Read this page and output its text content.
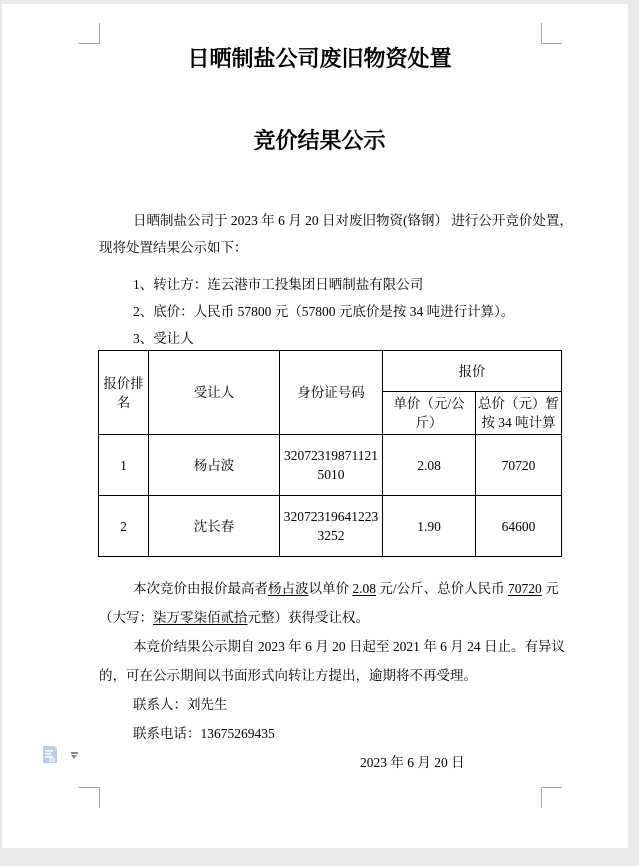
日晒制盐公司废旧物资处置
竞价结果公示
日晒制盐公司于 2023 年 6 月 20 日对废旧物资(铬钢） 进行公开竞价处置，
现将处置结果公示如下：
1、转让方：连云港市工投集团日晒制盐有限公司
2、底价：人民币 57800 元（57800 元底价是按 34 吨进行计算）。
3、受让人
报价排名	受让人	身份证号码	报价	
			单价（元/公斤）	总价（元）暂按 34 吨计算
1	杨占波	320723198711215010	2.08	70720
2	沈长春	320723196412233252	1.90	64600
本次竞价由报价最高者杨占波以单价 2.08 元/公斤、总价人民币 70720 元
（大写：柒万零柒佰贰拾元整）获得受让权。
本竞价结果公示期自 2023 年 6 月 20 日起至 2021 年 6 月 24 日止。有异议
的，可在公示期间以书面形式向转让方提出，逾期将不再受理。
联系人：刘先生
联系电话：13675269435
2023 年 6 月 20 日
